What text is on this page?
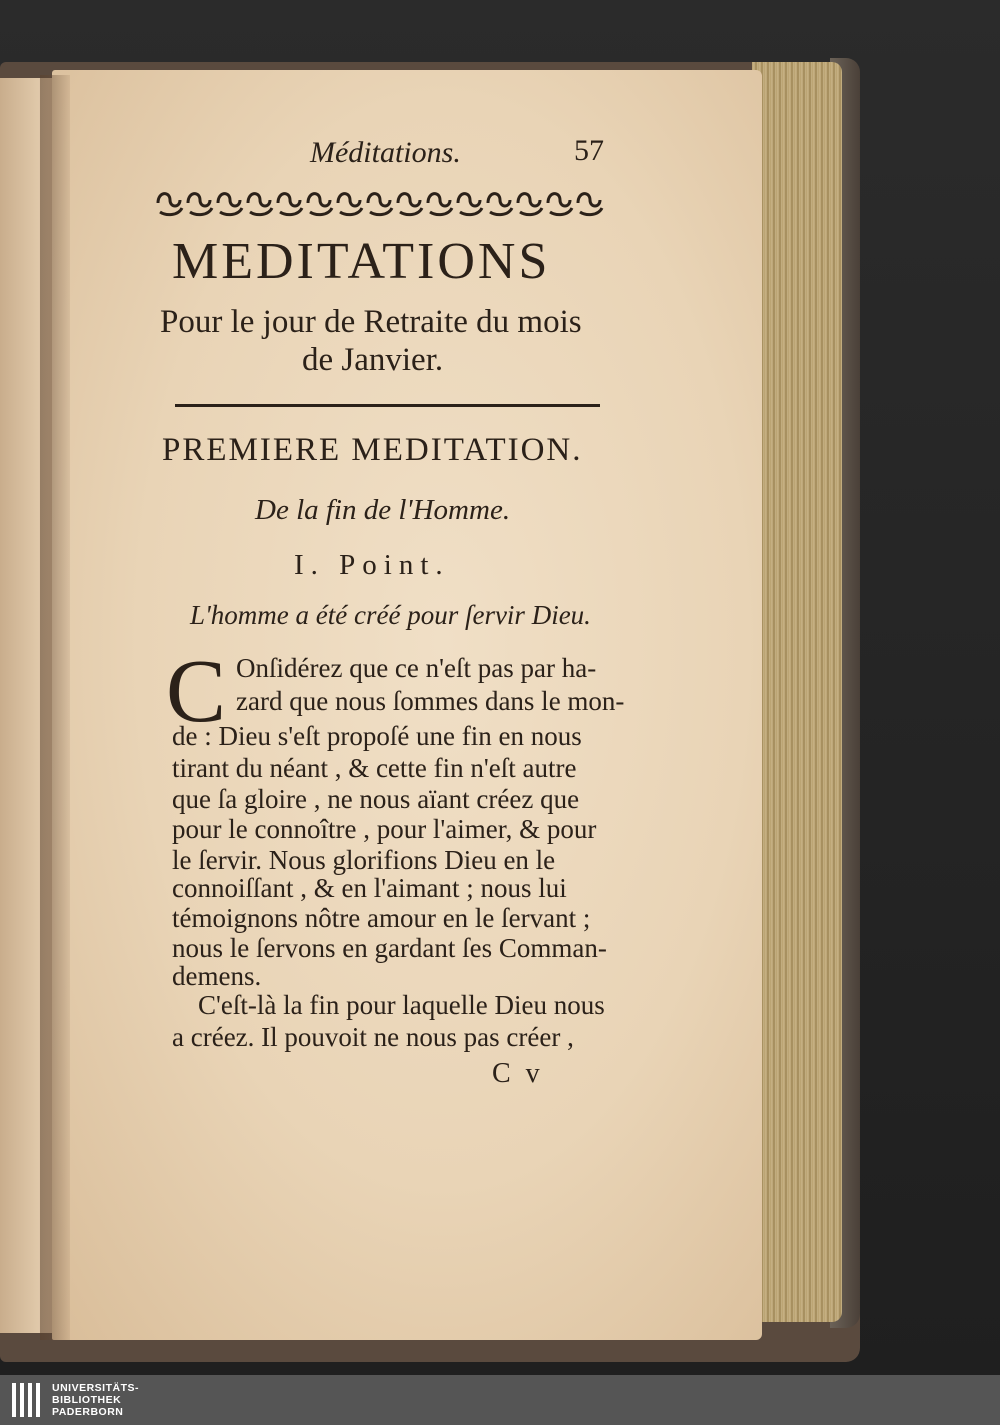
Méditations.	57

MEDITATIONS

Pour le jour de Retraite du mois

de Janvier.

PREMIERE MEDITATION.

De la fin de l'Homme.

I. Point.

L'homme a été créé pour ſervir Dieu.

C Onſidérez que ce n'eſt pas par ha-

zard que nous ſommes dans le mon-

de : Dieu s'eſt propoſé une fin en nous

tirant du néant , & cette fin n'eſt autre

que ſa gloire , ne nous aïant créez que

pour le connoître , pour l'aimer, & pour

le ſervir. Nous glorifions Dieu en le

connoiſſant , & en l'aimant ; nous lui

témoignons nôtre amour en le ſervant ;

nous le ſervons en gardant ſes Comman-

demens.

C'eſt-là la fin pour laquelle Dieu nous

a créez. Il pouvoit ne nous pas créer ,

C v

UNIVERSITÄTS-
BIBLIOTHEK
PADERBORN
